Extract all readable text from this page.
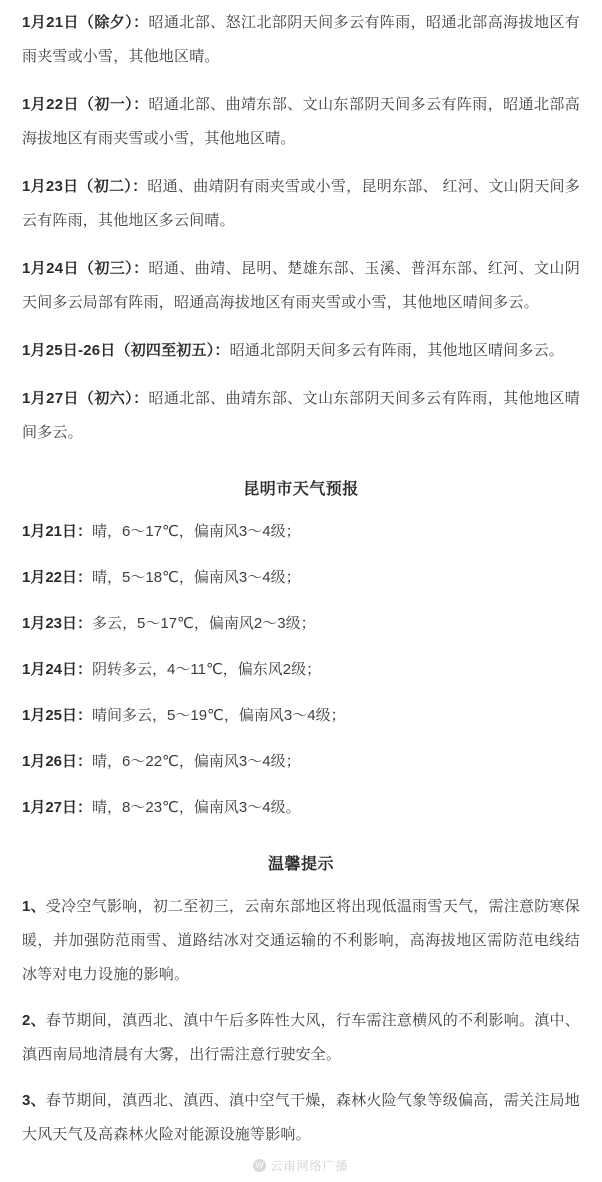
1月21日（除夕）：昭通北部、怒江北部阴天间多云有阵雨，昭通北部高海拔地区有雨夹雪或小雪，其他地区晴。

1月22日（初一）：昭通北部、曲靖东部、文山东部阴天间多云有阵雨，昭通北部高海拔地区有雨夹雪或小雪，其他地区晴。

1月23日（初二）：昭通、曲靖阴有雨夹雪或小雪，昆明东部、 红河、文山阴天间多云有阵雨，其他地区多云间晴。

1月24日（初三）：昭通、曲靖、昆明、楚雄东部、玉溪、普洱东部、红河、文山阴天间多云局部有阵雨，昭通高海拔地区有雨夹雪或小雪，其他地区晴间多云。

1月25日-26日（初四至初五）：昭通北部阴天间多云有阵雨，其他地区晴间多云。

1月27日（初六）：昭通北部、曲靖东部、文山东部阴天间多云有阵雨，其他地区晴间多云。

昆明市天气预报

1月21日：晴，6～17℃，偏南风3～4级；

1月22日：晴，5～18℃，偏南风3～4级；

1月23日：多云，5～17℃，偏南风2～3级；

1月24日：阴转多云，4～11℃，偏东风2级；

1月25日：晴间多云，5～19℃，偏南风3～4级；

1月26日：晴，6～22℃，偏南风3～4级；

1月27日：晴，8～23℃，偏南风3～4级。

温馨提示

1、受冷空气影响，初二至初三，云南东部地区将出现低温雨雪天气，需注意防寒保暖，并加强防范雨雪、道路结冰对交通运输的不利影响，高海拔地区需防范电线结冰等对电力设施的影响。

2、春节期间，滇西北、滇中午后多阵性大风，行车需注意横风的不利影响。滇中、滇西南局地清晨有大雾，出行需注意行驶安全。

3、春节期间，滇西北、滇西、滇中空气干燥，森林火险气象等级偏高，需关注局地大风天气及高森林火险对能源设施等影响。

W 云南网络广播
